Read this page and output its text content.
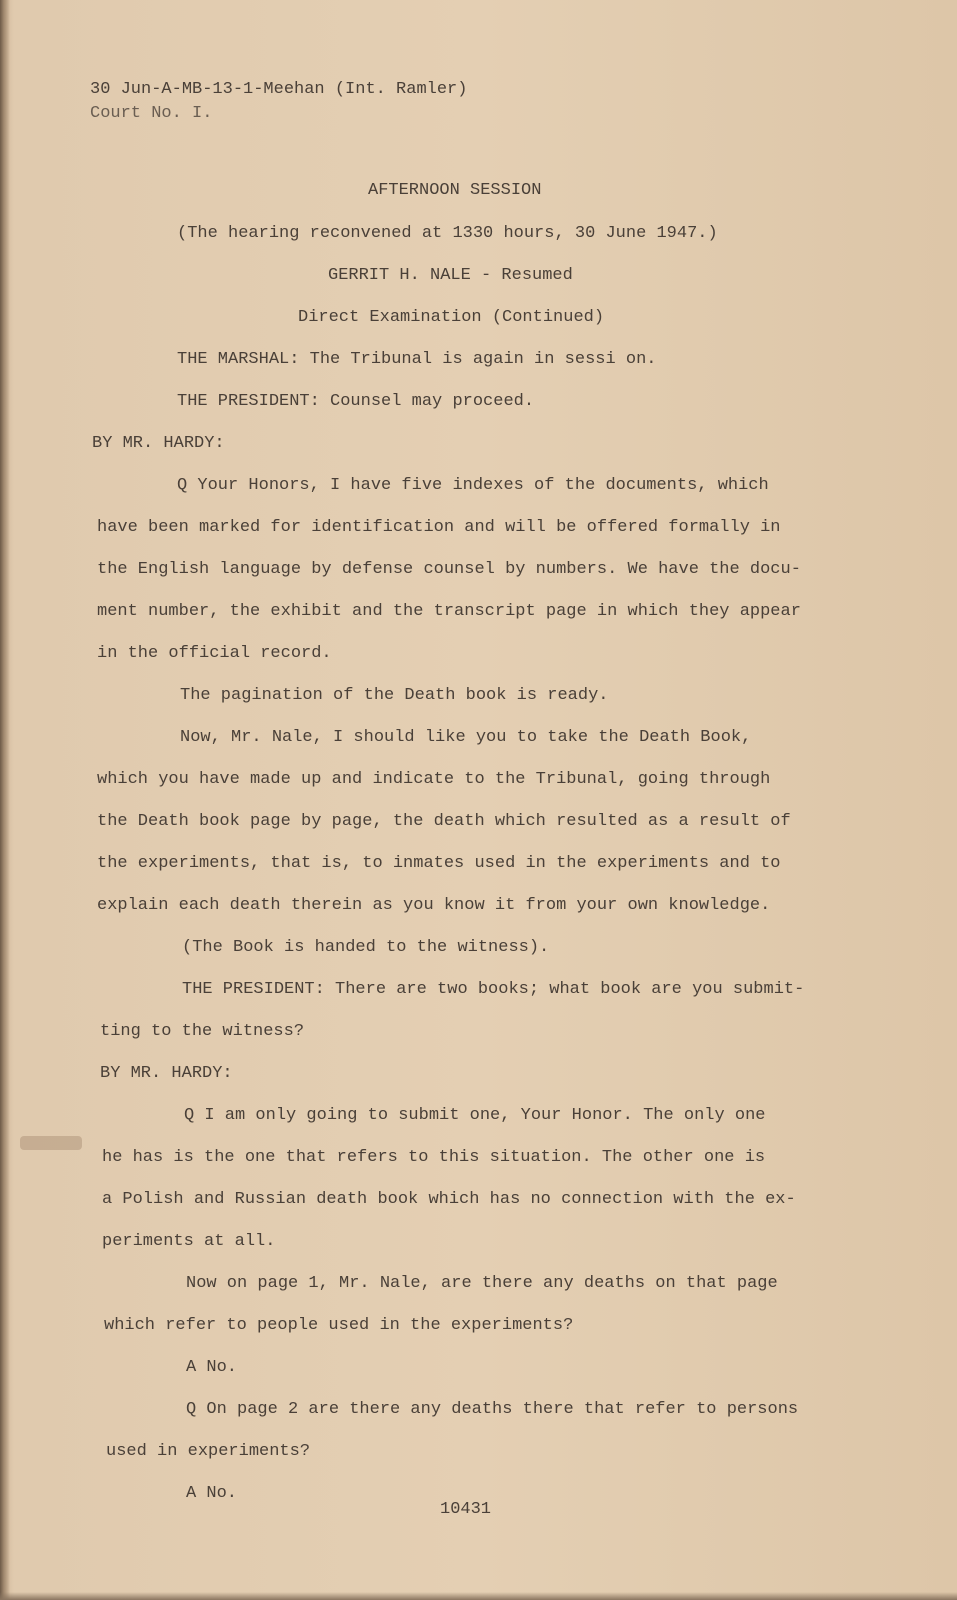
30 Jun-A-MB-13-1-Meehan (Int. Ramler)
Court No. I.
AFTERNOON SESSION
(The hearing reconvened at 1330 hours, 30 June 1947.)
GERRIT H. NALE - Resumed
Direct Examination (Continued)
THE MARSHAL: The Tribunal is again in sessi on.
THE PRESIDENT: Counsel may proceed.
BY MR. HARDY:
Q Your Honors, I have five indexes of the documents, which
have been marked for identification and will be offered formally in
the English language by defense counsel by numbers. We have the docu-
ment number, the exhibit and the transcript page in which they appear
in the official record.
The pagination of the Death book is ready.
Now, Mr. Nale, I should like you to take the Death Book,
which you have made up and indicate to the Tribunal, going through
the Death book page by page, the death which resulted as a result of
the experiments, that is, to inmates used in the experiments and to
explain each death therein as you know it from your own knowledge.
(The Book is handed to the witness).
THE PRESIDENT: There are two books; what book are you submit-
ting to the witness?
BY MR. HARDY:
Q I am only going to submit one, Your Honor. The only one
he has is the one that refers to this situation. The other one is
a Polish and Russian death book which has no connection with the ex-
periments at all.
Now on page 1, Mr. Nale, are there any deaths on that page
which refer to people used in the experiments?
A No.
Q On page 2 are there any deaths there that refer to persons
used in experiments?
A No.
10431
